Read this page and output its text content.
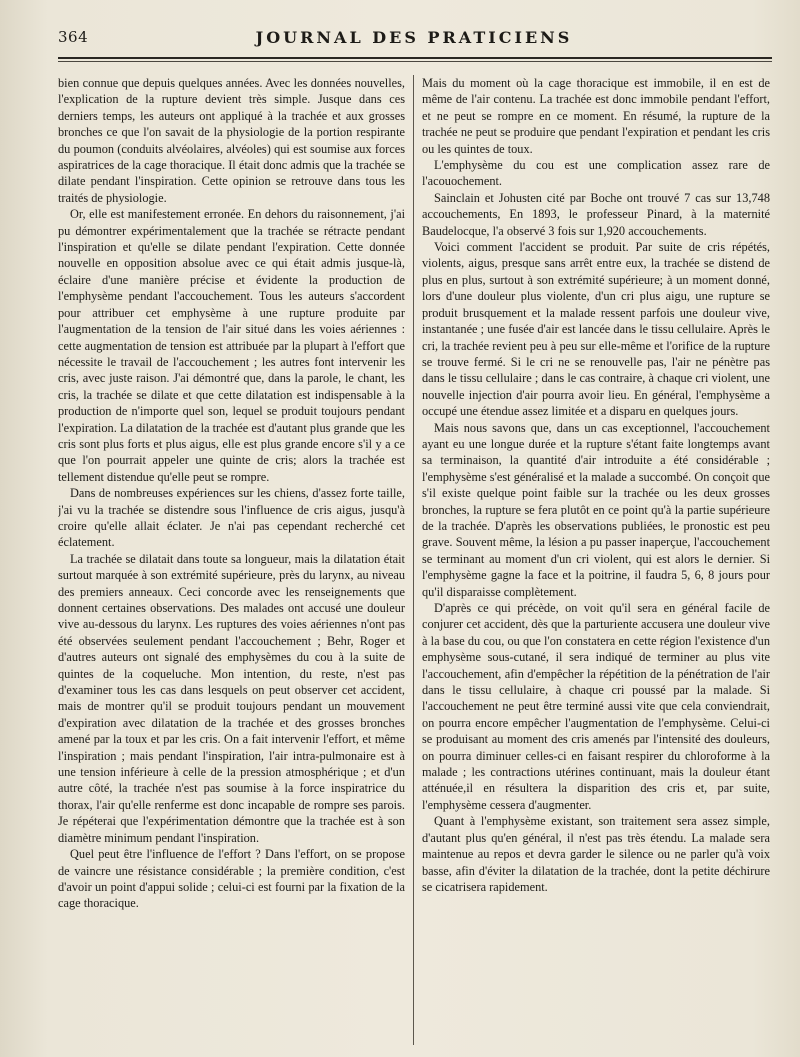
364	JOURNAL DES PRATICIENS

bien connue que depuis quelques années. Avec les données nouvelles, l'explication de la rupture devient très simple. Jusque dans ces derniers temps, les auteurs ont appliqué à la trachée et aux grosses bronches ce que l'on savait de la physiologie de la portion respirante du poumon (conduits alvéolaires, alvéoles) qui est soumise aux forces aspiratrices de la cage thoracique. Il était donc admis que la trachée se dilate pendant l'inspiration. Cette opinion se retrouve dans tous les traités de physiologie.

Or, elle est manifestement erronée. En dehors du raisonnement, j'ai pu démontrer expérimentalement que la trachée se rétracte pendant l'inspiration et qu'elle se dilate pendant l'expiration. Cette donnée nouvelle en opposition absolue avec ce qui était admis jusque-là, éclaire d'une manière précise et évidente la production de l'emphysème pendant l'accouchement. Tous les auteurs s'accordent pour attribuer cet emphysème à une rupture produite par l'augmentation de la tension de l'air situé dans les voies aériennes : cette augmentation de tension est attribuée par la plupart à l'effort que nécessite le travail de l'accouchement ; les autres font intervenir les cris, avec juste raison. J'ai démontré que, dans la parole, le chant, les cris, la trachée se dilate et que cette dilatation est indispensable à la production de n'importe quel son, lequel se produit toujours pendant l'expiration. La dilatation de la trachée est d'autant plus grande que les cris sont plus forts et plus aigus, elle est plus grande encore s'il y a ce que l'on pourrait appeler une quinte de cris; alors la trachée est tellement distendue qu'elle peut se rompre.

Dans de nombreuses expériences sur les chiens, d'assez forte taille, j'ai vu la trachée se distendre sous l'influence de cris aigus, jusqu'à croire qu'elle allait éclater. Je n'ai pas cependant recherché cet éclatement.

La trachée se dilatait dans toute sa longueur, mais la dilatation était surtout marquée à son extrémité supérieure, près du larynx, au niveau des premiers anneaux. Ceci concorde avec les renseignements que donnent certaines observations. Des malades ont accusé une douleur vive au-dessous du larynx. Les ruptures des voies aériennes n'ont pas été observées seulement pendant l'accouchement ; Behr, Roger et d'autres auteurs ont signalé des emphysèmes du cou à la suite de quintes de la coqueluche. Mon intention, du reste, n'est pas d'examiner tous les cas dans lesquels on peut observer cet accident, mais de montrer qu'il se produit toujours pendant un mouvement d'expiration avec dilatation de la trachée et des grosses bronches amené par la toux et par les cris. On a fait intervenir l'effort, et même l'inspiration ; mais pendant l'inspiration, l'air intra-pulmonaire est à une tension inférieure à celle de la pression atmosphérique ; et d'un autre côté, la trachée n'est pas soumise à la force inspiratrice du thorax, l'air qu'elle renferme est donc incapable de rompre ses parois. Je répéterai que l'expérimentation démontre que la trachée est à son diamètre minimum pendant l'inspiration.

Quel peut être l'influence de l'effort ? Dans l'effort, on se propose de vaincre une résistance considérable ; la première condition, c'est d'avoir un point d'appui solide ; celui-ci est fourni par la fixation de la cage thoracique.

Mais du moment où la cage thoracique est immobile, il en est de même de l'air contenu. La trachée est donc immobile pendant l'effort, et ne peut se rompre en ce moment. En résumé, la rupture de la trachée ne peut se produire que pendant l'expiration et pendant les cris ou les quintes de toux.

L'emphysème du cou est une complication assez rare de l'acouochement.

Sainclain et Johusten cité par Boche ont trouvé 7 cas sur 13,748 accouchements, En 1893, le professeur Pinard, à la maternité Baudelocque, l'a observé 3 fois sur 1,920 accouchements.

Voici comment l'accident se produit. Par suite de cris répétés, violents, aigus, presque sans arrêt entre eux, la trachée se distend de plus en plus, surtout à son extrémité supérieure; à un moment donné, lors d'une douleur plus violente, d'un cri plus aigu, une rupture se produit brusquement et la malade ressent parfois une douleur vive, instantanée ; une fusée d'air est lancée dans le tissu cellulaire. Après le cri, la trachée revient peu à peu sur elle-même et l'orifice de la rupture se trouve fermé. Si le cri ne se renouvelle pas, l'air ne pénètre pas dans le tissu cellulaire ; dans le cas contraire, à chaque cri violent, une nouvelle injection d'air pourra avoir lieu. En général, l'emphysème a occupé une étendue assez limitée et a disparu en quelques jours.

Mais nous savons que, dans un cas exceptionnel, l'accouchement ayant eu une longue durée et la rupture s'étant faite longtemps avant sa terminaison, la quantité d'air introduite a été considérable ; l'emphysème s'est généralisé et la malade a succombé. On conçoit que s'il existe quelque point faible sur la trachée ou les deux grosses bronches, la rupture se fera plutôt en ce point qu'à la partie supérieure de la trachée. D'après les observations publiées, le pronostic est peu grave. Souvent même, la lésion a pu passer inaperçue, l'accouchement se terminant au moment d'un cri violent, qui est alors le dernier. Si l'emphysème gagne la face et la poitrine, il faudra 5, 6, 8 jours pour qu'il disparaisse complètement.

D'après ce qui précède, on voit qu'il sera en général facile de conjurer cet accident, dès que la parturiente accusera une douleur vive à la base du cou, ou que l'on constatera en cette région l'existence d'un emphysème sous-cutané, il sera indiqué de terminer au plus vite l'accouchement, afin d'empêcher la répétition de la pénétration de l'air dans le tissu cellulaire, à chaque cri poussé par la malade. Si l'accouchement ne peut être terminé aussi vite que cela conviendrait, on pourra encore empêcher l'augmentation de l'emphysème. Celui-ci se produisant au moment des cris amenés par l'intensité des douleurs, on pourra diminuer celles-ci en faisant respirer du chloroforme à la malade ; les contractions utérines continuant, mais la douleur étant atténuée,il en résultera la disparition des cris et, par suite, l'emphysème cessera d'augmenter.

Quant à l'emphysème existant, son traitement sera assez simple, d'autant plus qu'en général, il n'est pas très étendu. La malade sera maintenue au repos et devra garder le silence ou ne parler qu'à voix basse, afin d'éviter la dilatation de la trachée, dont la petite déchirure se cicatrisera rapidement.
